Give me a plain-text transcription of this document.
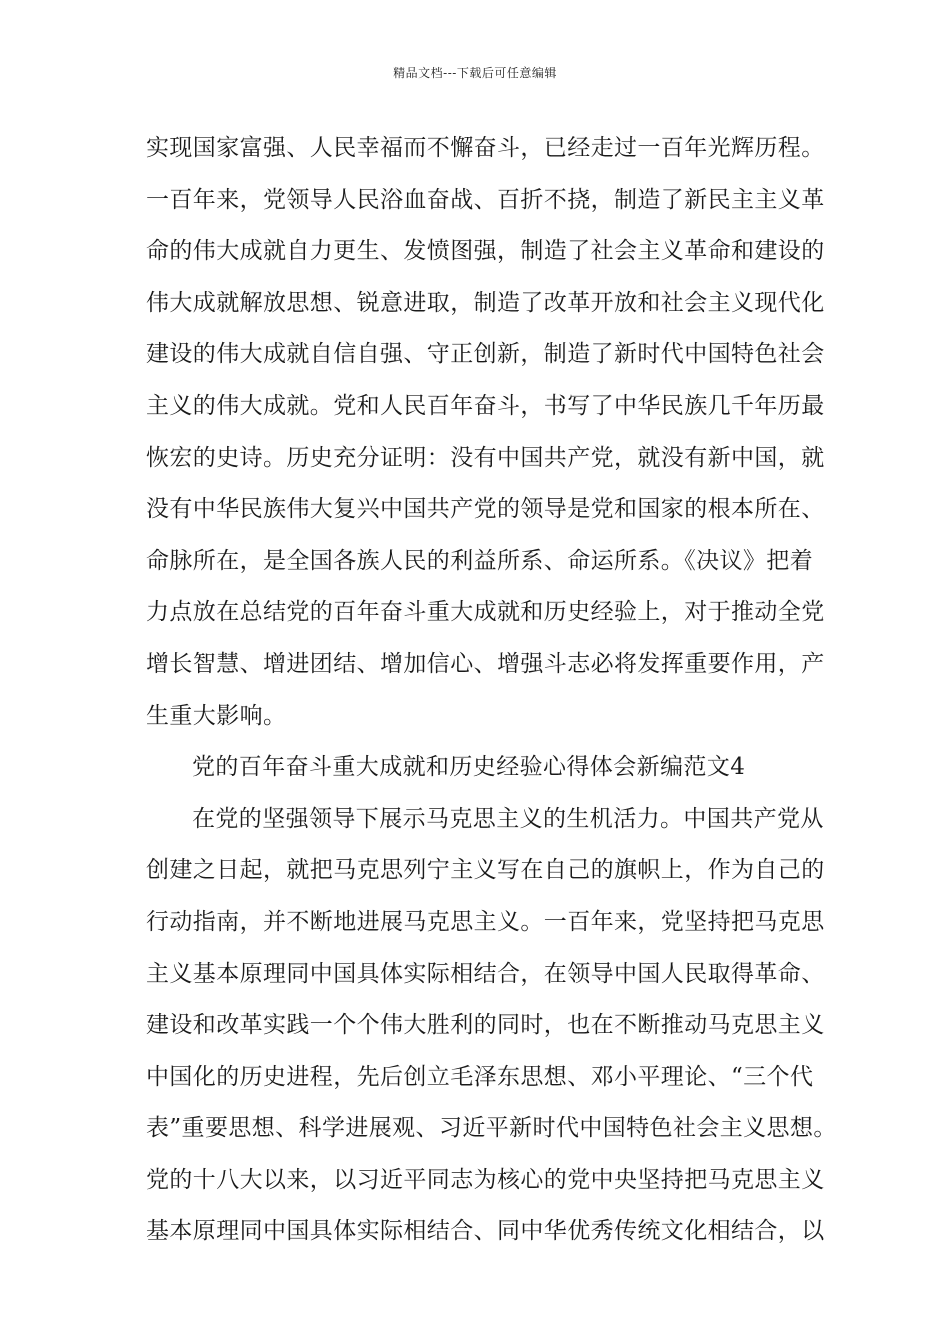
精品文档---下载后可任意编辑
实现国家富强、人民幸福而不懈奋斗，已经走过一百年光辉历程。
一百年来，党领导人民浴血奋战、百折不挠，制造了新民主主义革
命的伟大成就自力更生、发愤图强，制造了社会主义革命和建设的
伟大成就解放思想、锐意进取，制造了改革开放和社会主义现代化
建设的伟大成就自信自强、守正创新，制造了新时代中国特色社会
主义的伟大成就。党和人民百年奋斗，书写了中华民族几千年历最
恢宏的史诗。历史充分证明：没有中国共产党，就没有新中国，就
没有中华民族伟大复兴中国共产党的领导是党和国家的根本所在、
命脉所在，是全国各族人民的利益所系、命运所系。《决议》把着
力点放在总结党的百年奋斗重大成就和历史经验上，对于推动全党
增长智慧、增进团结、增加信心、增强斗志必将发挥重要作用，产
生重大影响。
党的百年奋斗重大成就和历史经验心得体会新编范文4
在党的坚强领导下展示马克思主义的生机活力。中国共产党从
创建之日起，就把马克思列宁主义写在自己的旗帜上，作为自己的
行动指南，并不断地进展马克思主义。一百年来，党坚持把马克思
主义基本原理同中国具体实际相结合，在领导中国人民取得革命、
建设和改革实践一个个伟大胜利的同时，也在不断推动马克思主义
中国化的历史进程，先后创立毛泽东思想、邓小平理论、“三个代
表”重要思想、科学进展观、习近平新时代中国特色社会主义思想。
党的十八大以来，以习近平同志为核心的党中央坚持把马克思主义
基本原理同中国具体实际相结合、同中华优秀传统文化相结合，以
